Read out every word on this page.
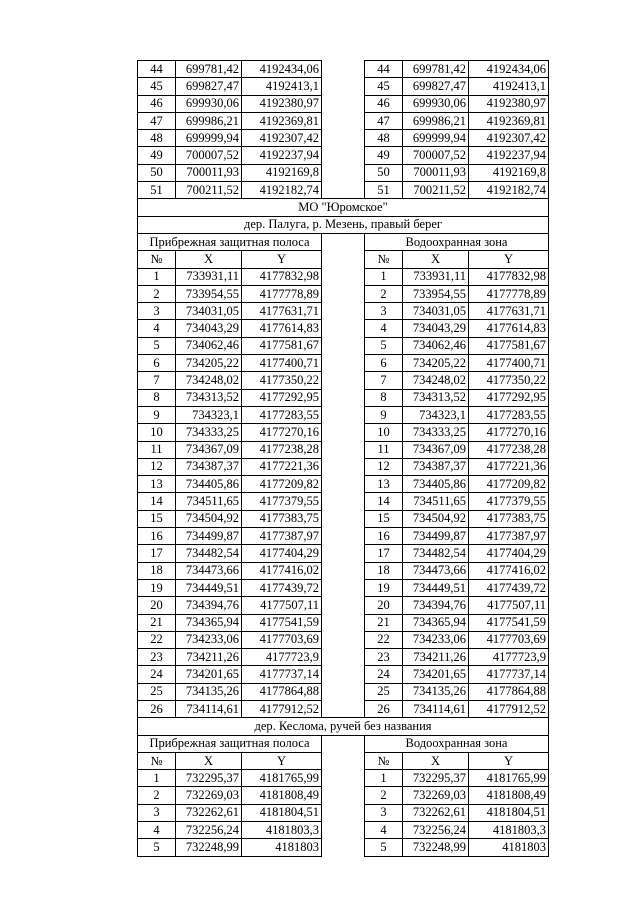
44	699781,42	4192434,06		44	699781,42	4192434,06
45	699827,47	4192413,1		45	699827,47	4192413,1
46	699930,06	4192380,97		46	699930,06	4192380,97
47	699986,21	4192369,81		47	699986,21	4192369,81
48	699999,94	4192307,42		48	699999,94	4192307,42
49	700007,52	4192237,94		49	700007,52	4192237,94
50	700011,93	4192169,8		50	700011,93	4192169,8
51	700211,52	4192182,74		51	700211,52	4192182,74
МО "Юромское"						
дер. Палуга, р. Мезень, правый берег						
Прибрежная защитная полоса				Водоохранная зона		
№	X	Y		№	X	Y
1	733931,11	4177832,98		1	733931,11	4177832,98
2	733954,55	4177778,89		2	733954,55	4177778,89
3	734031,05	4177631,71		3	734031,05	4177631,71
4	734043,29	4177614,83		4	734043,29	4177614,83
5	734062,46	4177581,67		5	734062,46	4177581,67
6	734205,22	4177400,71		6	734205,22	4177400,71
7	734248,02	4177350,22		7	734248,02	4177350,22
8	734313,52	4177292,95		8	734313,52	4177292,95
9	734323,1	4177283,55		9	734323,1	4177283,55
10	734333,25	4177270,16		10	734333,25	4177270,16
11	734367,09	4177238,28		11	734367,09	4177238,28
12	734387,37	4177221,36		12	734387,37	4177221,36
13	734405,86	4177209,82		13	734405,86	4177209,82
14	734511,65	4177379,55		14	734511,65	4177379,55
15	734504,92	4177383,75		15	734504,92	4177383,75
16	734499,87	4177387,97		16	734499,87	4177387,97
17	734482,54	4177404,29		17	734482,54	4177404,29
18	734473,66	4177416,02		18	734473,66	4177416,02
19	734449,51	4177439,72		19	734449,51	4177439,72
20	734394,76	4177507,11		20	734394,76	4177507,11
21	734365,94	4177541,59		21	734365,94	4177541,59
22	734233,06	4177703,69		22	734233,06	4177703,69
23	734211,26	4177723,9		23	734211,26	4177723,9
24	734201,65	4177737,14		24	734201,65	4177737,14
25	734135,26	4177864,88		25	734135,26	4177864,88
26	734114,61	4177912,52		26	734114,61	4177912,52
дер. Кеслома, ручей без названия						
Прибрежная защитная полоса				Водоохранная зона		
№	X	Y		№	X	Y
1	732295,37	4181765,99		1	732295,37	4181765,99
2	732269,03	4181808,49		2	732269,03	4181808,49
3	732262,61	4181804,51		3	732262,61	4181804,51
4	732256,24	4181803,3		4	732256,24	4181803,3
5	732248,99	4181803		5	732248,99	4181803
